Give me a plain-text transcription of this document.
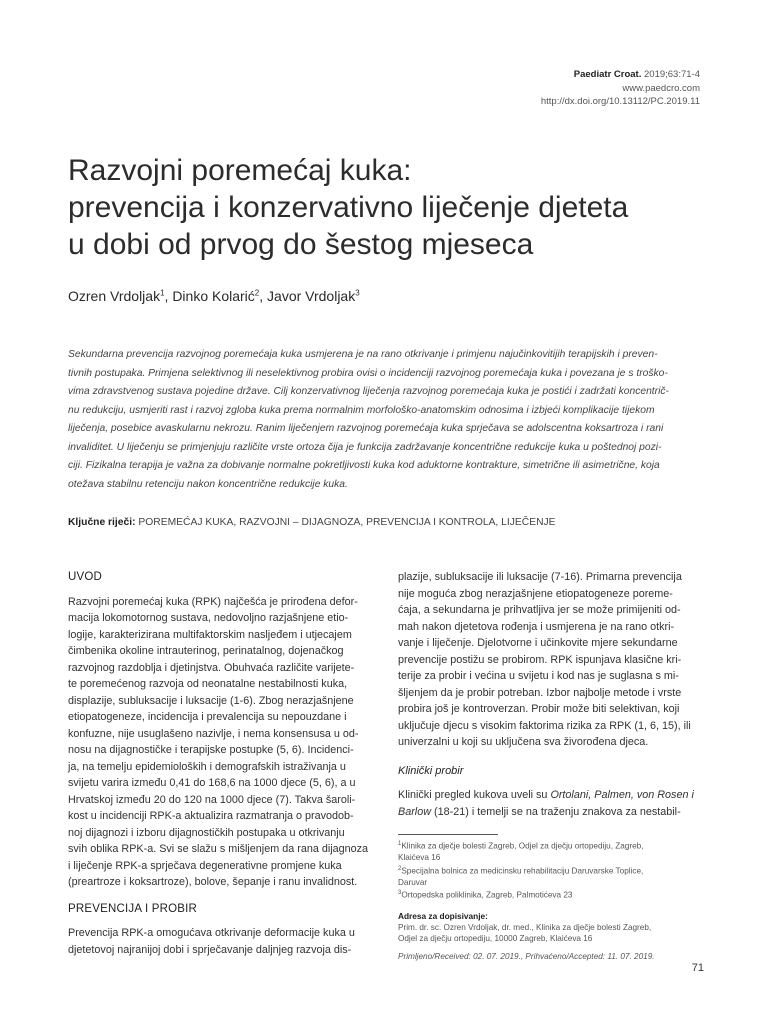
Paediatr Croat. 2019;63:71-4
www.paedcro.com
http://dx.doi.org/10.13112/PC.2019.11
Razvojni poremećaj kuka:
prevencija i konzervativno liječenje djeteta
u dobi od prvog do šestog mjeseca
Ozren Vrdoljak$^1$, Dinko Kolarić$^2$, Javor Vrdoljak$^3$
Sekundarna prevencija razvojnog poremećaja kuka usmjerena je na rano otkrivanje i primjenu najučinkovitijih terapijskih i preven-
tivnih postupaka. Primjena selektivnog ili neselektivnog probira ovisi o incidenciji razvojnog poremećaja kuka i povezana je s troško-
vima zdravstvenog sustava pojedine države. Cilj konzervativnog liječenja razvojnog poremećaja kuka je postići i zadržati koncentrič-
nu redukciju, usmjeriti rast i razvoj zgloba kuka prema normalnim morfološko-anatomskim odnosima i izbjeći komplikacije tijekom
liječenja, posebice avaskularnu nekrozu. Ranim liječenjem razvojnog poremećaja kuka sprječava se adolscentna koksartroza i rani
invaliditet. U liječenju se primjenjuju različite vrste ortoza čija je funkcija zadržavanje koncentrične redukcije kuka u poštednoj pozi-
ciji. Fizikalna terapija je važna za dobivanje normalne pokretljivosti kuka kod aduktorne kontrakture, simetrične ili asimetrične, koja
otežava stabilnu retenciju nakon koncentrične redukcije kuka.
Ključne riječi: POREMEĆAJ KUKA, RAZVOJNI – DIJAGNOZA, PREVENCIJA I KONTROLA, LIJEČENJE
UVOD
Razvojni poremećaj kuka (RPK) najčešća je prirođena defor-
macija lokomotornog sustava, nedovoljno razjašnjene etio-
logije, karakterizirana multifaktorskim nasljeđem i utjecajem
čimbenika okoline intrauterinog, perinatalnog, dojenačkog
razvojnog razdoblja i djetinjstva. Obuhvaća različite varijete-
te poremećenog razvoja od neonatalne nestabilnosti kuka,
displazije, subluksacije i luksacije (1-6). Zbog nerazjašnjene
etiopatogeneze, incidencija i prevalencija su nepouzdane i
konfuzne, nije usuglašeno nazivlje, i nema konsensusa u od-
nosu na dijagnostičke i terapijske postupke (5, 6). Incidenci-
ja, na temelju epidemioloških i demografskih istraživanja u
svijetu varira između 0,41 do 168,6 na 1000 djece (5, 6), a u
Hrvatskoj između 20 do 120 na 1000 djece (7). Takva šaroli-
kost u incidenciji RPK-a aktualizira razmatranja o pravodob-
noj dijagnozi i izboru dijagnostičkih postupaka u otkrivanju
svih oblika RPK-a. Svi se slažu s mišljenjem da rana dijagnoza
i liječenje RPK-a sprječava degenerativne promjene kuka
(preartroze i koksartroze), bolove, šepanje i ranu invalidnost.
PREVENCIJA I PROBIR
Prevencija RPK-a omogućava otkrivanje deformacije kuka u
djetetovoj najranijoj dobi i sprječavanje daljnjeg razvoja dis-
plazije, subluksacije ili luksacije (7-16). Primarna prevencija
nije moguća zbog nerazjašnjene etiopatogeneze poreme-
ćaja, a sekundarna je prihvatljiva jer se može primijeniti od-
mah nakon djetetova rođenja i usmjerena je na rano otkri-
vanje i liječenje. Djelotvorne i učinkovite mjere sekundarne
prevencije postižu se probirom. RPK ispunjava klasične kri-
terije za probir i većina u svijetu i kod nas je suglasna s mi-
šljenjem da je probir potreban. Izbor najbolje metode i vrste
probira još je kontroverzan. Probir može biti selektivan, koji
uključuje djecu s visokim faktorima rizika za RPK (1, 6, 15), ili
univerzalni u koji su uključena sva živorođena djeca.
Klinički probir
Klinički pregled kukova uveli su Ortolani, Palmen, von Rosen i
Barlow (18-21) i temelji se na traženju znakova za nestabil-
$^1$Klinika za dječje bolesti Zagreb, Odjel za dječju ortopediju, Zagreb,
Klaićeva 16
$^2$Specijalna bolnica za medicinsku rehabilitaciju Daruvarske Toplice,
Daruvar
$^3$Ortopedska poliklinika, Zagreb, Palmotićeva 23
Adresa za dopisivanje:
Prim. dr. sc. Ozren Vrdoljak, dr. med., Klinika za dječje bolesti Zagreb,
Odjel za dječju ortopediju, 10000 Zagreb, Klaićeva 16
Primljeno/Received: 02. 07. 2019., Prihvaćeno/Accepted: 11. 07. 2019.
71
